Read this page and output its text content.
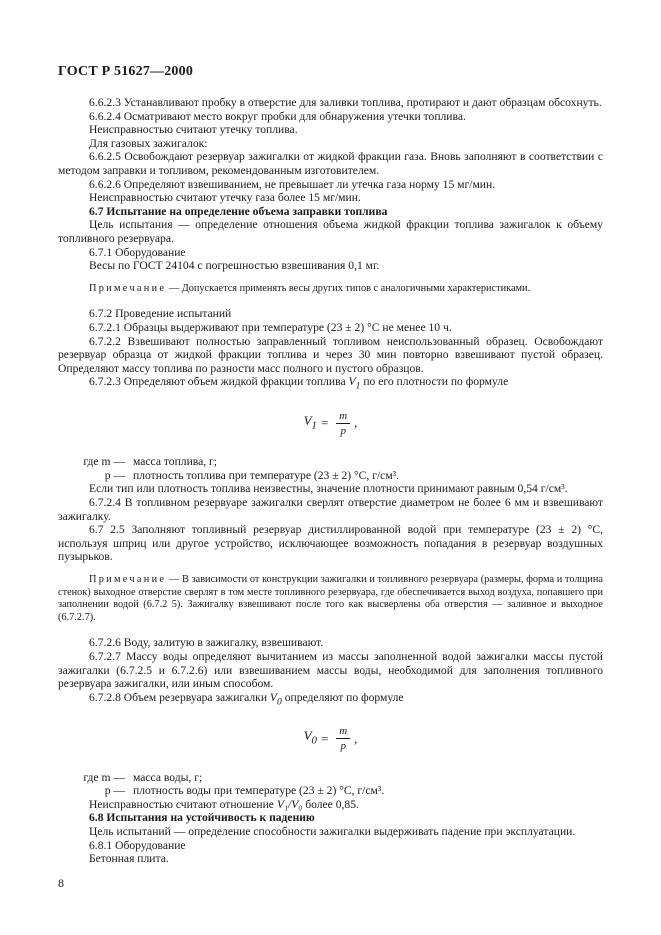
ГОСТ Р 51627—2000

6.6.2.3 Устанавливают пробку в отверстие для заливки топлива, протирают и дают образцам обсохнуть.

6.6.2.4 Осматривают место вокруг пробки для обнаружения утечки топлива.

Неисправностью считают утечку топлива.

Для газовых зажигалок:

6.6.2.5 Освобождают резервуар зажигалки от жидкой фракции газа. Вновь заполняют в соответствии с методом заправки и топливом, рекомендованным изготовителем.

6.6.2.6 Определяют взвешиванием, не превышает ли утечка газа норму 15 мг/мин.

Неисправностью считают утечку газа более 15 мг/мин.

6.7 Испытание на определение объема заправки топлива

Цель испытания — определение отношения объема жидкой фракции топлива зажигалок к объему топливного резервуара.

6.7.1 Оборудование

Весы по ГОСТ 24104 с погрешностью взвешивания 0,1 мг.

Примечание — Допускается применять весы других типов с аналогичными характеристиками.

6.7.2 Проведение испытаний

6.7.2.1 Образцы выдерживают при температуре (23 ± 2) °С не менее 10 ч.

6.7.2.2 Взвешивают полностью заправленный топливом неиспользованный образец. Освобождают резервуар образца от жидкой фракции топлива и через 30 мин повторно взвешивают пустой образец. Определяют массу топлива по разности масс полного и пустого образцов.

6.7.2.3 Определяют объем жидкой фракции топлива $V_1$ по его плотности по формуле

$V_1 = \frac{m}{p}$ ,

где m — масса топлива, г;

p — плотность топлива при температуре (23 ± 2) °С, г/см³.

Если тип или плотность топлива неизвестны, значение плотности принимают равным 0,54 г/см³.

6.7.2.4 В топливном резервуаре зажигалки сверлят отверстие диаметром не более 6 мм и взвешивают зажигалку.

6.7 2.5 Заполняют топливный резервуар дистиллированной водой при температуре (23 ± 2) °С, используя шприц или другое устройство, исключающее возможность попадания в резервуар воздушных пузырьков.

Примечание — В зависимости от конструкции зажигалки и топливного резервуара (размеры, форма и толщина стенок) выходное отверстие сверлят в том месте топливного резервуара, где обеспечивается выход воздуха, попавшего при заполнении водой (6.7.2 5). Зажигалку взвешивают после того как высверлены оба отверстия — заливное и выходное (6.7.2.7).

6.7.2.6 Воду, залитую в зажигалку, взвешивают.

6.7.2.7 Массу воды определяют вычитанием из массы заполненной водой зажигалки массы пустой зажигалки (6.7.2.5 и 6.7.2.6) или взвешиванием массы воды, необходимой для заполнения топливного резервуара зажигалки, или иным способом.

6.7.2.8 Объем резервуара зажигалки $V_0$ определяют по формуле

$V_0 = \frac{m}{p}$ ,

где m — масса воды, г;

p — плотность воды при температуре (23 ± 2) °С, г/см³.

Неисправностью считают отношение V₁/V₀ более 0,85.

6.8 Испытания на устойчивость к падению

Цель испытаний — определение способности зажигалки выдерживать падение при эксплуатации.

6.8.1 Оборудование

Бетонная плита.

8
